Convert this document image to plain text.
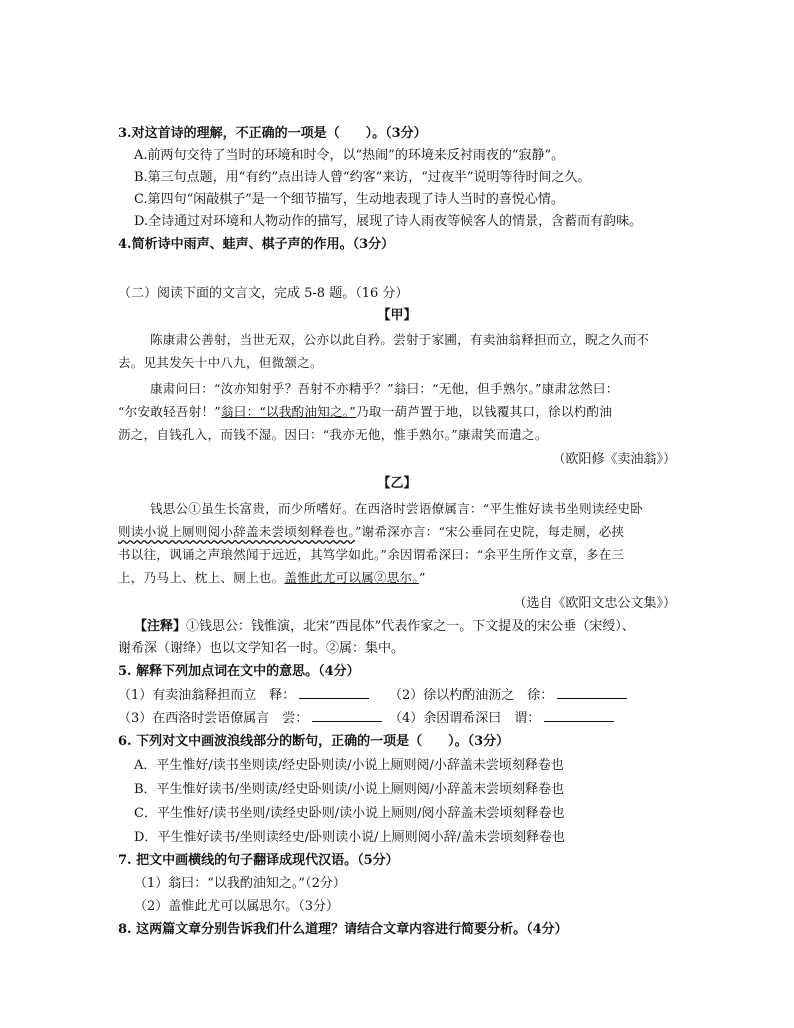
3.对这首诗的理解，不正确的一项是（　　）。（3分）
A.前两句交待了当时的环境和时令，以“热闹”的环境来反衬雨夜的“寂静”。
B.第三句点题，用“有约”点出诗人曾“约客”来访，“过夜半”说明等待时间之久。
C.第四句“闲敲棋子”是一个细节描写，生动地表现了诗人当时的喜悦心情。
D.全诗通过对环境和人物动作的描写，展现了诗人雨夜等候客人的情景，含蓄而有韵味。
4.简析诗中雨声、蛙声、棋子声的作用。（3分）
（二）阅读下面的文言文，完成 5-8 题。（16 分）
【甲】
陈康肃公善射，当世无双，公亦以此自矜。尝射于家圃，有卖油翁释担而立，睨之久而不
去。见其发矢十中八九，但微颔之。
康肃问曰：“汝亦知射乎？吾射不亦精乎？”翁曰：“无他，但手熟尔。”康肃忿然曰：
“尔安敢轻吾射！”翁曰：“以我酌油知之。”乃取一葫芦置于地，以钱覆其口，徐以杓酌油
沥之，自钱孔入，而钱不湿。因曰：“我亦无他，惟手熟尔。”康肃笑而遣之。
（欧阳修《卖油翁》）
【乙】
钱思公①虽生长富贵，而少所嗜好。在西洛时尝语僚属言：“平生惟好读书坐则读经史卧
则读小说上厕则阅小辞盖未尝顷刻释卷也。”谢希深亦言：“宋公垂同在史院，每走厕，必挟
书以往，讽诵之声琅然闻于远近，其笃学如此。”余因谓希深曰：“余平生所作文章，多在三
上，乃马上、枕上、厕上也。盖惟此尤可以属②思尔。”
（选自《欧阳文忠公文集》）
【注释】①钱思公：钱惟演，北宋“西昆体”代表作家之一。下文提及的宋公垂（宋绶）、
谢希深（谢绛）也以文学知名一时。②属：集中。
5. 解释下列加点词在文中的意思。（4分）
（1）有卖油翁释担而立　释：	（2）徐以杓酌油沥之　徐：
（3）在西洛时尝语僚属言　尝：	（4）余因谓希深曰　谓：
6. 下列对文中画波浪线部分的断句，正确的一项是（　　）。（3分）
A．平生惟好/读书坐则读/经史卧则读/小说上厕则阅/小辞盖未尝顷刻释卷也
B．平生惟好读书/坐则读/经史卧则读/小说上厕则阅/小辞盖未尝顷刻释卷也
C．平生惟好/读书坐则/读经史卧则/读小说上厕则/阅小辞盖未尝顷刻释卷也
D．平生惟好读书/坐则读经史/卧则读小说/上厕则阅小辞/盖未尝顷刻释卷也
7. 把文中画横线的句子翻译成现代汉语。（5分）
（1）翁曰：“以我酌油知之。”（2分）
（2）盖惟此尤可以属思尔。（3分）
8. 这两篇文章分别告诉我们什么道理？请结合文章内容进行简要分析。（4分）
